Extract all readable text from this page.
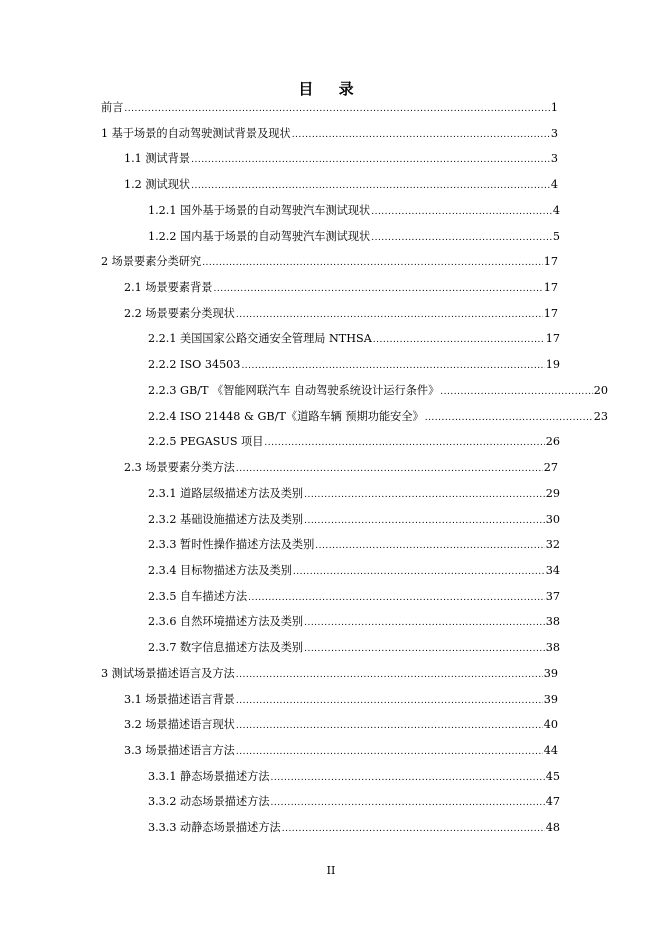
目 录
前言 .....	1
1 基于场景的自动驾驶测试背景及现状 .....	3
1.1 测试背景 .....	3
1.2 测试现状 .....	4
1.2.1 国外基于场景的自动驾驶汽车测试现状 .....	4
1.2.2 国内基于场景的自动驾驶汽车测试现状 .....	5
2 场景要素分类研究 .....	17
2.1 场景要素背景 .....	17
2.2 场景要素分类现状 .....	17
2.2.1 美国国家公路交通安全管理局 NTHSA .....	17
2.2.2 ISO 34503 .....	19
2.2.3 GB/T 《智能网联汽车 自动驾驶系统设计运行条件》 .....	20
2.2.4 ISO 21448 & GB/T《道路车辆 预期功能安全》 .....	23
2.2.5 PEGASUS 项目 .....	26
2.3 场景要素分类方法 .....	27
2.3.1 道路层级描述方法及类别 .....	29
2.3.2 基础设施描述方法及类别 .....	30
2.3.3 暂时性操作描述方法及类别 .....	32
2.3.4 目标物描述方法及类别 .....	34
2.3.5 自车描述方法 .....	37
2.3.6 自然环境描述方法及类别 .....	38
2.3.7 数字信息描述方法及类别 .....	38
3 测试场景描述语言及方法 .....	39
3.1 场景描述语言背景 .....	39
3.2 场景描述语言现状 .....	40
3.3 场景描述语言方法 .....	44
3.3.1 静态场景描述方法 .....	45
3.3.2 动态场景描述方法 .....	47
3.3.3 动静态场景描述方法 .....	48
II
